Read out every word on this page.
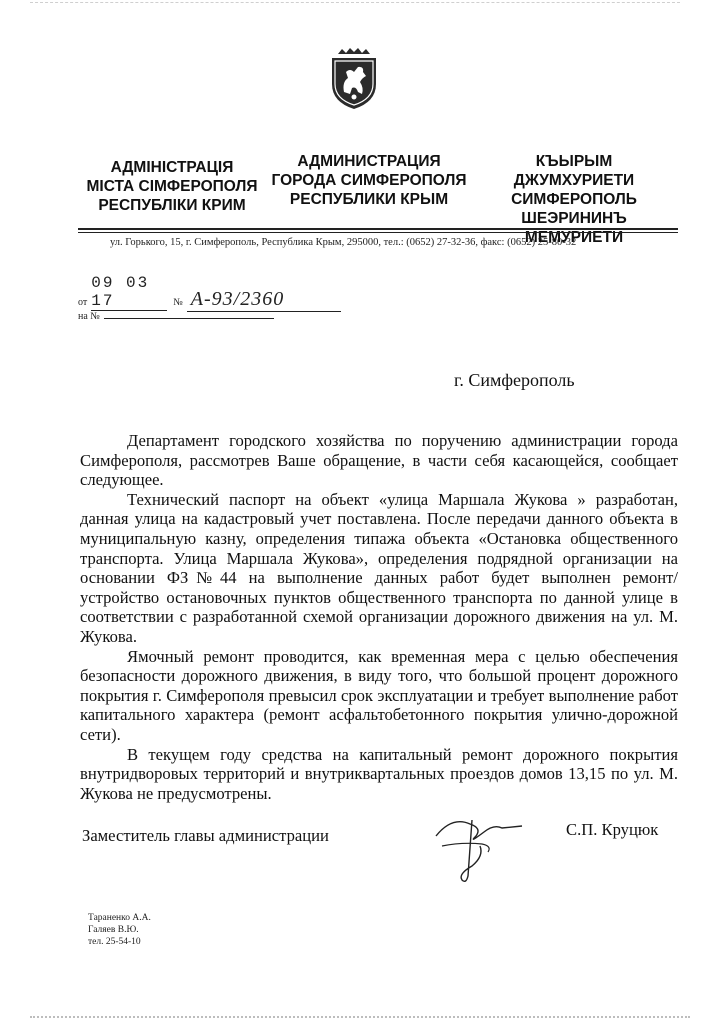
АДМІНІСТРАЦІЯ
МІСТА СІМФЕРОПОЛЯ
РЕСПУБЛІКИ КРИМ
АДМИНИСТРАЦИЯ
ГОРОДА СИМФЕРОПОЛЯ
РЕСПУБЛИКИ КРЫМ
КЪЫРЫМ ДЖУМХУРИЕТИ
СИМФЕРОПОЛЬ
ШЕЭРИНИНЪ
МЕМУРИЕТИ
ул. Горького, 15, г. Симферополь, Республика Крым, 295000, тел.: (0652) 27-32-36, факс: (0652) 25-80-32
от 09 03 17	№ А-93/2360
на №
г. Симферополь

Департамент городского хозяйства по поручению администрации города Симферополя, рассмотрев Ваше обращение, в части себя касающейся, сообщает следующее.

Технический паспорт на объект «улица Маршала Жукова » разработан, данная улица на кадастровый учет поставлена. После передачи данного объекта в муниципальную казну, определения типажа объекта «Остановка общественного транспорта. Улица Маршала Жукова», определения подрядной организации на основании ФЗ№44 на выполнение данных работ будет выполнен ремонт/устройство остановочных пунктов общественного транспорта по данной улице в соответствии с разработанной схемой организации дорожного движения на ул. М. Жукова.

Ямочный ремонт проводится, как временная мера с целью обеспечения безопасности дорожного движения, в виду того, что большой процент дорожного покрытия г. Симферополя превысил срок эксплуатации и требует выполнение работ капитального характера (ремонт асфальтобетонного покрытия улично-дорожной сети).

В текущем году средства на капитальный ремонт дорожного покрытия внутридворовых территорий и внутриквартальных проездов домов 13,15 по ул. М. Жукова не предусмотрены.

Заместитель главы администрации	С.П. Круцюк
Тараненко А.А.
Галяев В.Ю.
тел. 25-54-10
